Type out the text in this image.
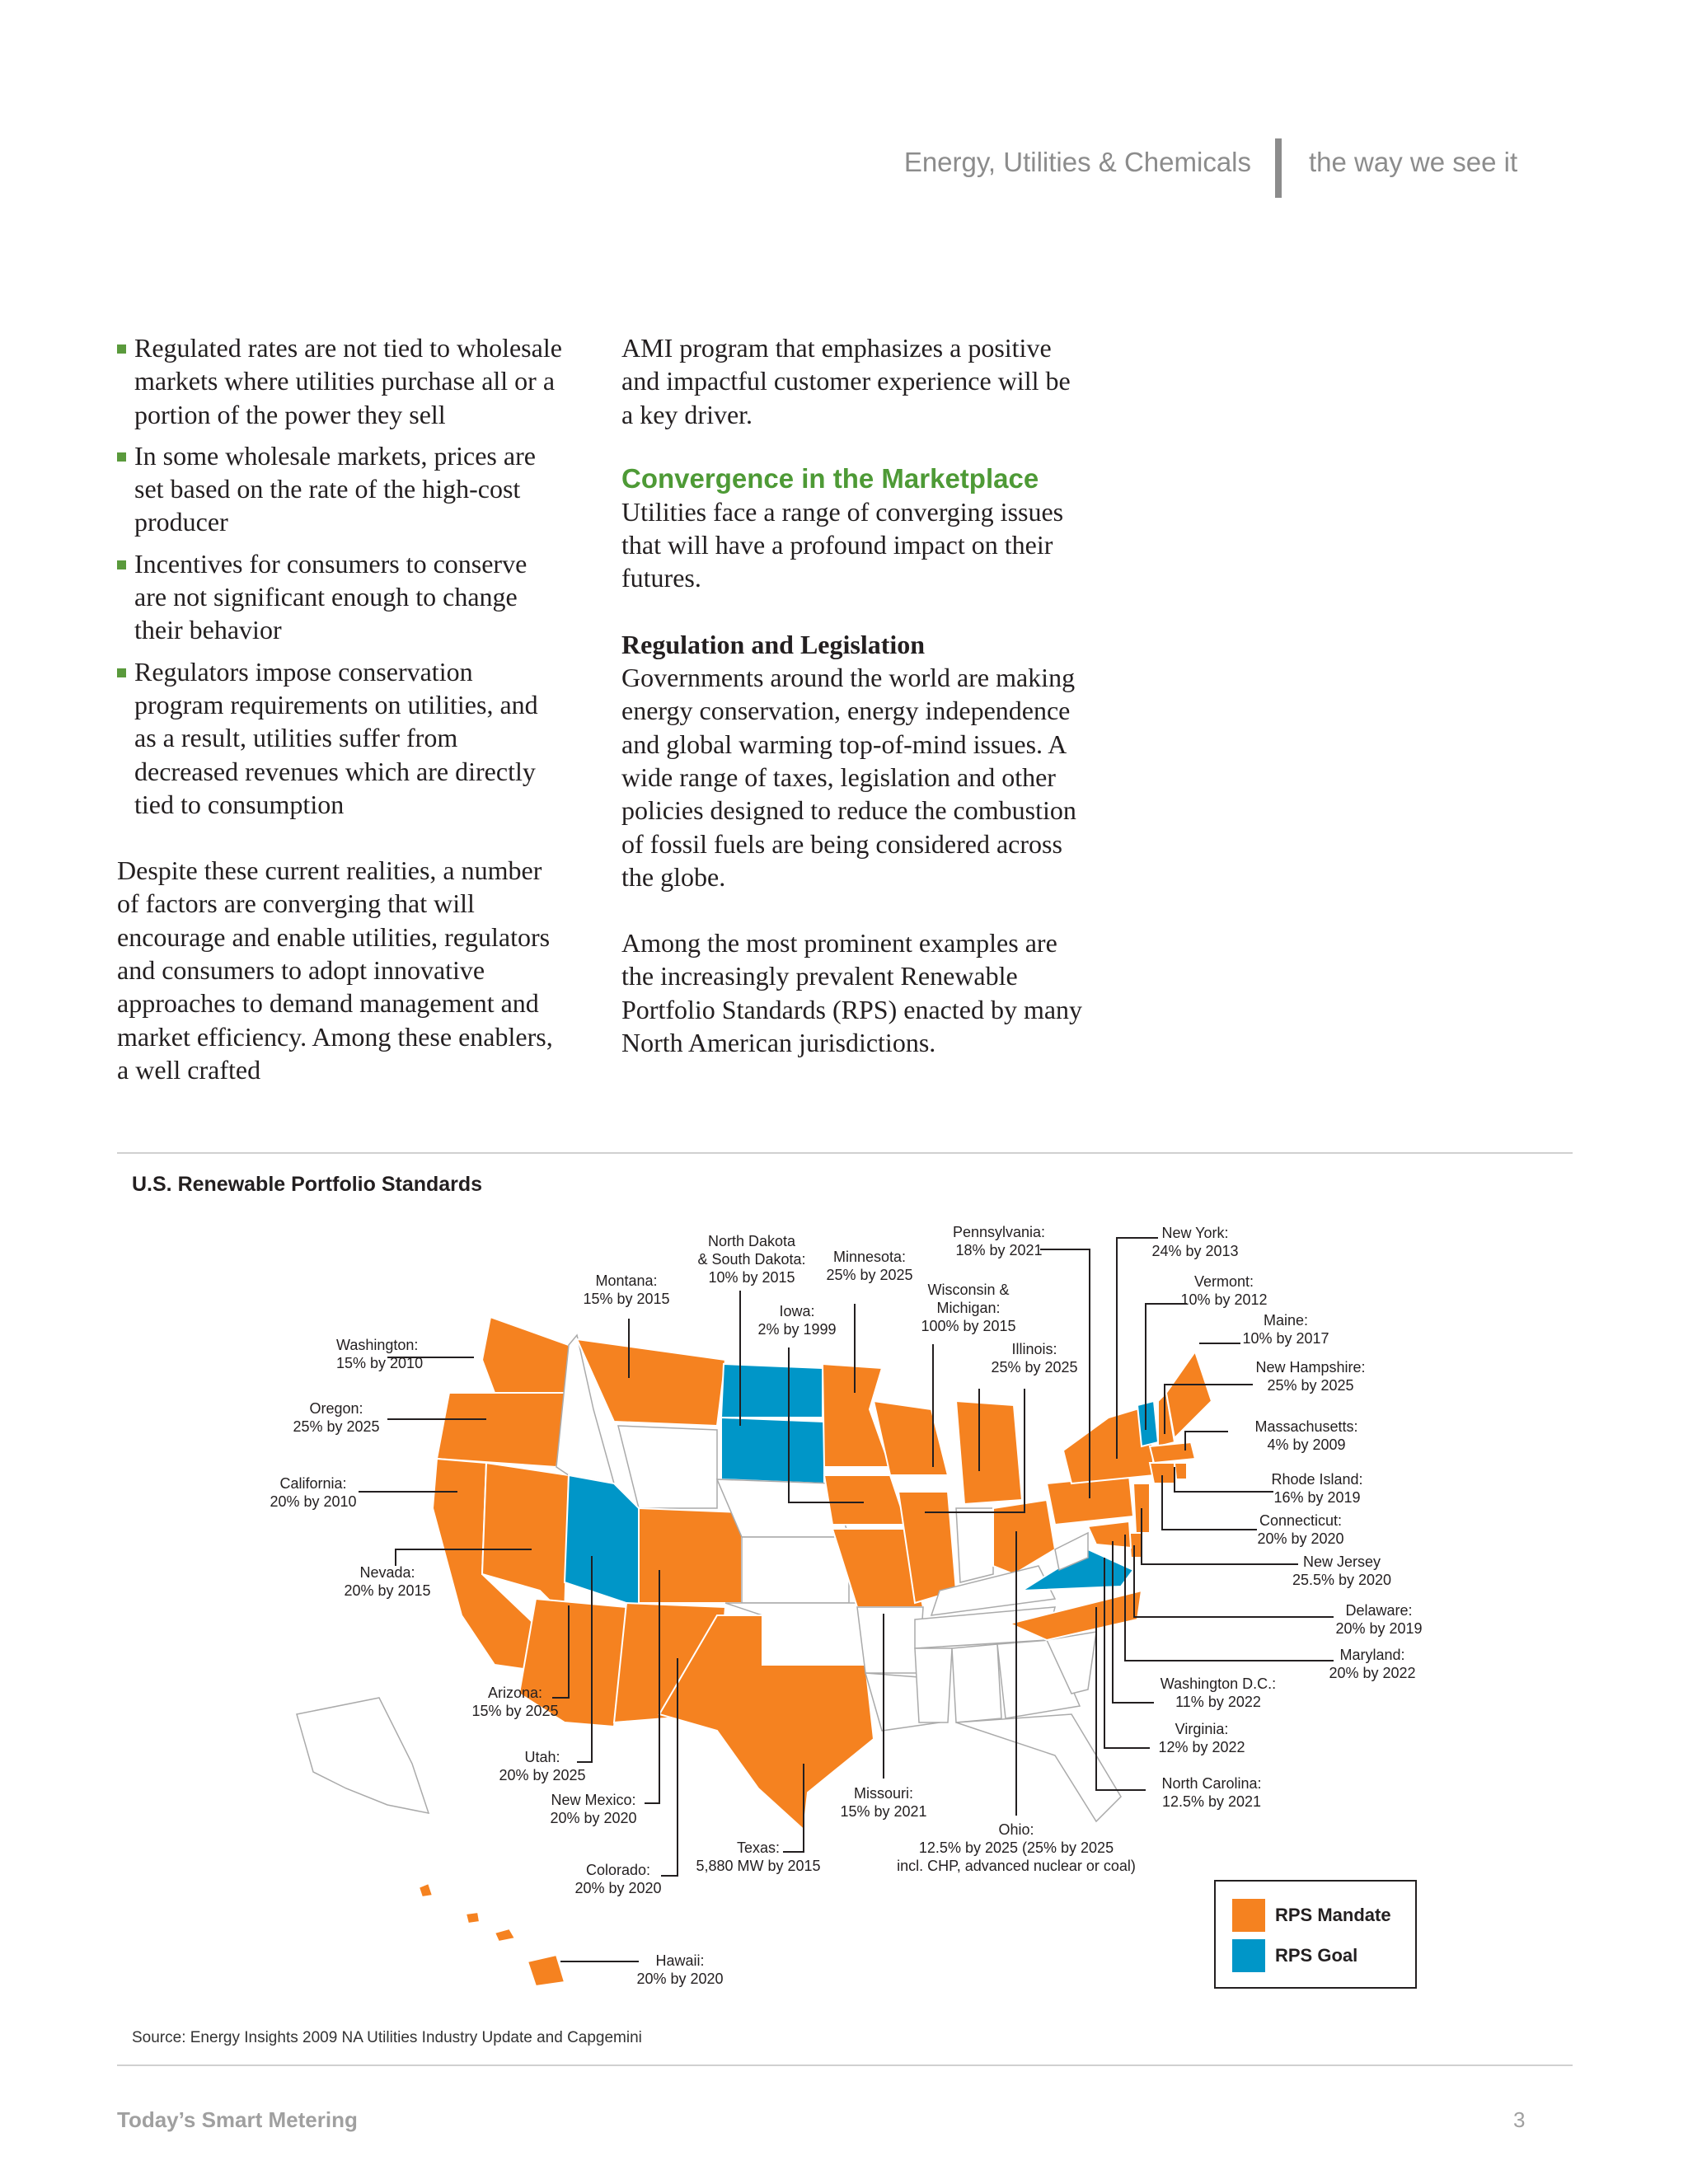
Energy, Utilities & Chemicals the way we see it
Regulated rates are not tied to wholesale markets where utilities purchase all or a portion of the power they sell
In some wholesale markets, prices are set based on the rate of the high-cost producer
Incentives for consumers to conserve are not significant enough to change their behavior
Regulators impose conservation program requirements on utilities, and as a result, utilities suffer from decreased revenues which are directly tied to consumption

Despite these current realities, a number of factors are converging that will encourage and enable utilities, regulators and consumers to adopt innovative approaches to demand management and market efficiency. Among these enablers, a well crafted

AMI program that emphasizes a positive and impactful customer experience will be a key driver.

Convergence in the Marketplace

Utilities face a range of converging issues that will have a profound impact on their futures.

Regulation and Legislation

Governments around the world are making energy conservation, energy independence and global warming top-of-mind issues. A wide range of taxes, legislation and other policies designed to reduce the combustion of fossil fuels are being considered across the globe.

Among the most prominent examples are the increasingly prevalent Renewable Portfolio Standards (RPS) enacted by many North American jurisdictions.

U.S. Renewable Portfolio Standards
Washington:
15% by 2010
Oregon:
25% by 2025
California:
20% by 2010
Nevada:
20% by 2015
Montana:
15% by 2015
Arizona:
15% by 2025
Utah:
20% by 2025
New Mexico:
20% by 2020
Colorado:
20% by 2020
Hawaii:
20% by 2020
North Dakota
& South Dakota:
10% by 2015
Minnesota:
25% by 2025
Iowa:
2% by 1999
Texas:
5,880 MW by 2015
Missouri:
15% by 2021
Pennsylvania:
18% by 2021
Wisconsin &
Michigan:
100% by 2015
Illinois:
25% by 2025
Ohio:
12.5% by 2025 (25% by 2025
incl. CHP, advanced nuclear or coal)
New York:
24% by 2013
Vermont:
10% by 2012
Maine:
10% by 2017
New Hampshire:
25% by 2025
Massachusetts:
4% by 2009
Rhode Island:
16% by 2019
Connecticut:
20% by 2020
New Jersey
25.5% by 2020
Delaware:
20% by 2019
Maryland:
20% by 2022
Washington D.C.:
11% by 2022
Virginia:
12% by 2022
North Carolina:
12.5% by 2021
RPS Mandate
RPS Goal
Source: Energy Insights 2009 NA Utilities Industry Update and Capgemini
Today’s Smart Metering	3
